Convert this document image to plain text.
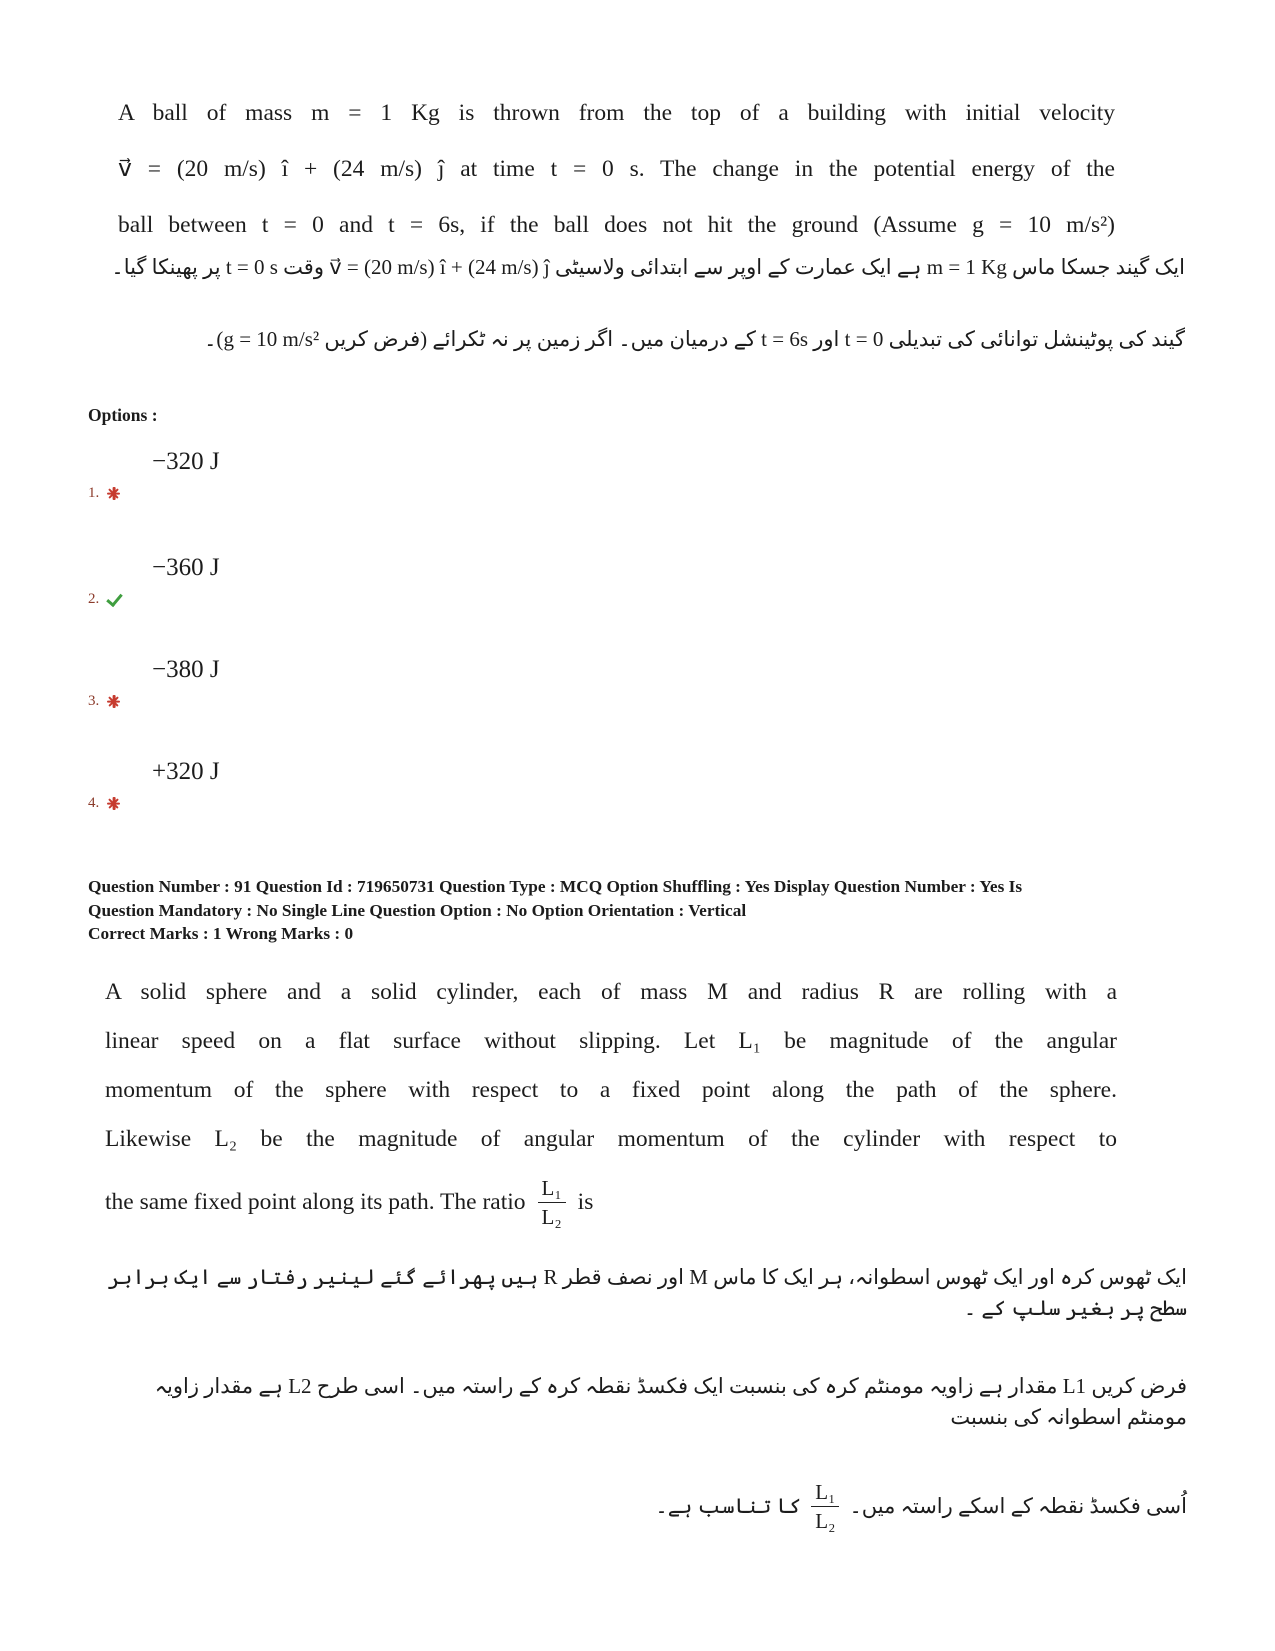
A ball of mass m = 1 Kg is thrown from the top of a building with initial velocity
v⃗ = (20 m/s) î + (24 m/s) ĵ at time t = 0 s. The change in the potential energy of the
ball between t = 0 and t = 6s, if the ball does not hit the ground (Assume g = 10 m/s²)
ایک گیند جسکا ماس m = 1 Kg ہے ایک عمارت کے اوپر سے ابتدائی ولاسیٹی v⃗ = (20 m/s) î + (24 m/s) ĵ وقت t = 0 s پر پھینکا گیا۔
گیند کی پوٹینشل توانائی کی تبدیلی t = 0 اور t = 6s کے درمیان میں۔ اگر زمین پر نہ ٹکرائے (فرض کریں g = 10 m/s²)۔
Options :
−320 J
1.
−360 J
2.
−380 J
3.
+320 J
4.
Question Number : 91 Question Id : 719650731 Question Type : MCQ Option Shuffling : Yes Display Question Number : Yes Is
Question Mandatory : No Single Line Question Option : No Option Orientation : Vertical
Correct Marks : 1 Wrong Marks : 0
A solid sphere and a solid cylinder, each of mass M and radius R are rolling with a
linear speed on a flat surface without slipping. Let L₁ be magnitude of the angular
momentum of the sphere with respect to a fixed point along the path of the sphere.
Likewise L₂ be the magnitude of angular momentum of the cylinder with respect to
the same fixed point along its path. The ratio $\frac{\text{L₁}}{\text{L₂}}$ is
ایک ٹھوس کرہ اور ایک ٹھوس اسطوانہ، ہر ایک کا ماس M اور نصف قطر R ہیں پھرائے گئے لینیر رفتار سے ایک برابر سطح پر بغیر سلپ کے ۔
فرض کریں L1 مقدار ہے زاویہ مومنٹم کرہ کی بنسبت ایک فکسڈ نقطہ کرہ کے راستہ میں۔ اسی طرح L2 ہے مقدار زاویہ مومنٹم اسطوانہ کی بنسبت
اُسی فکسڈ نقطہ کے اسکے راستہ میں۔
$\frac{\text{L₁}}{\text{L₂}}$
کا تناسب ہے۔
